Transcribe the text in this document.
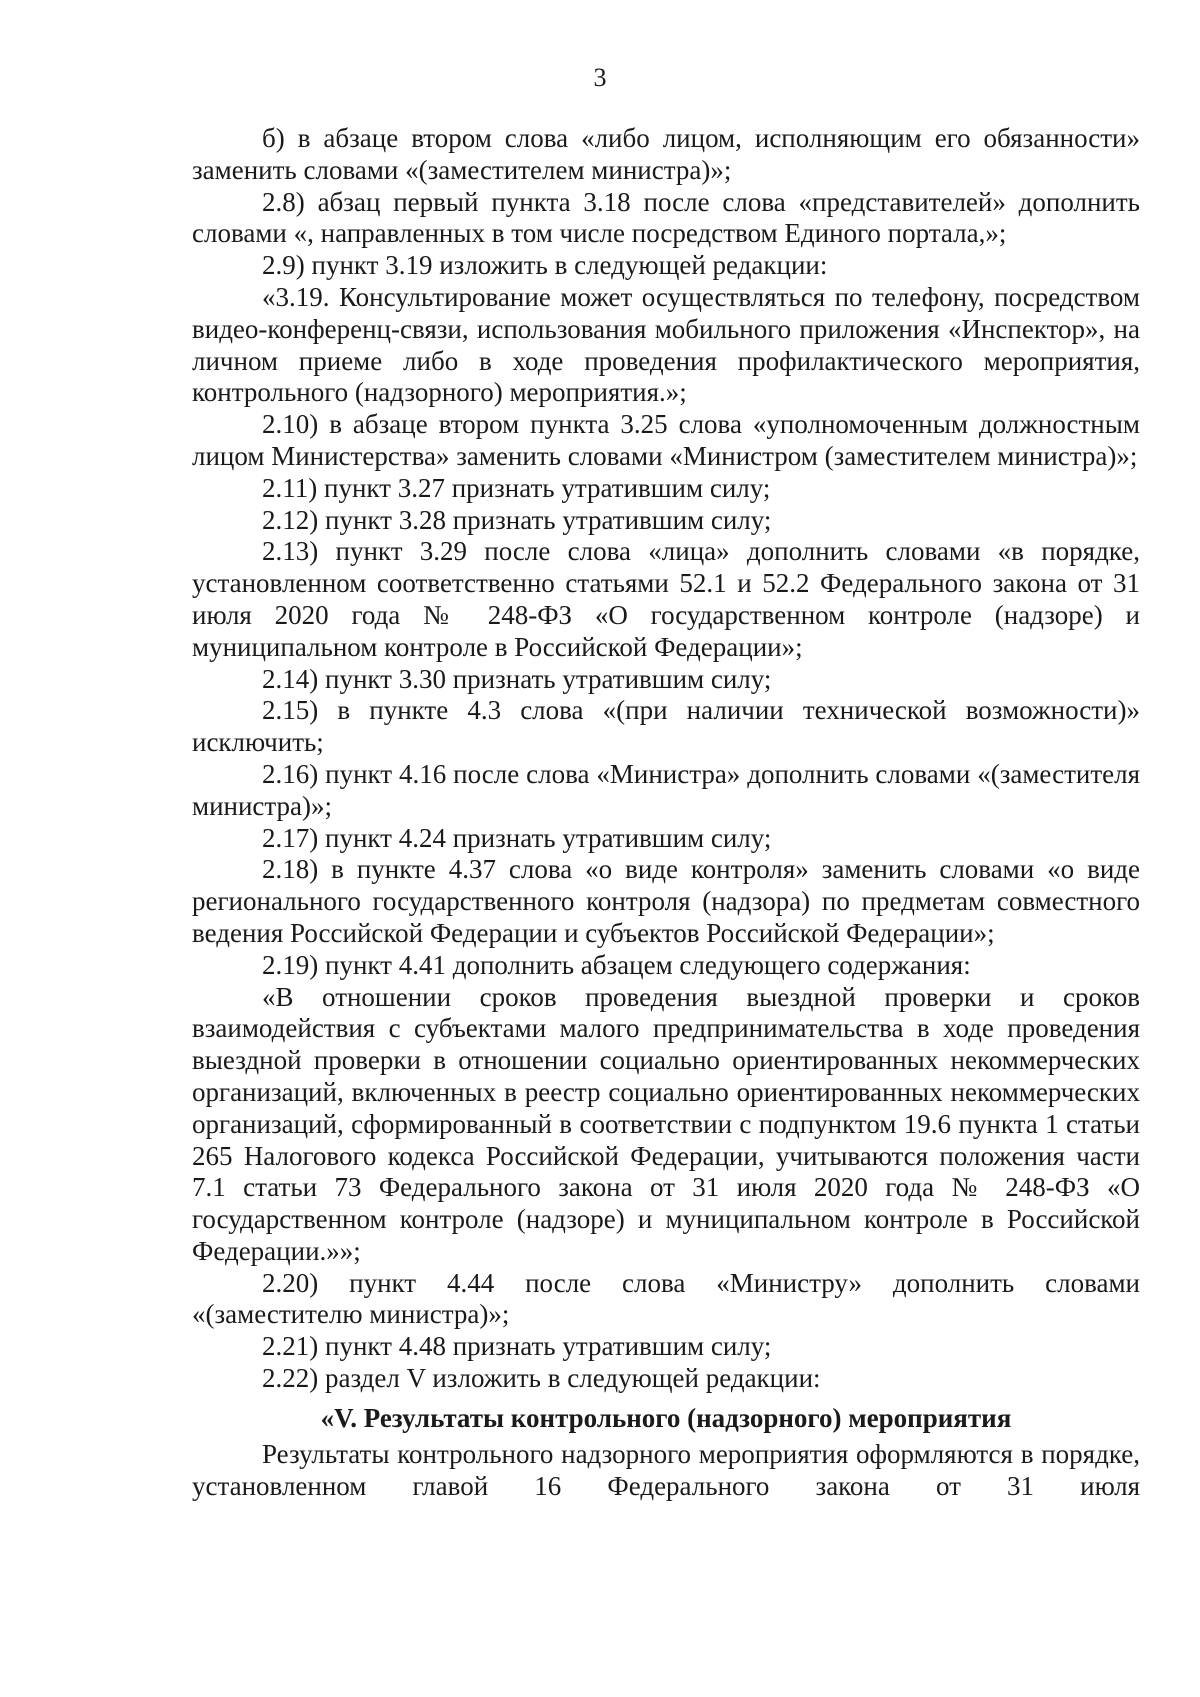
3

б) в абзаце втором слова «либо лицом, исполняющим его обязанности» заменить словами «(заместителем министра)»;

2.8) абзац первый пункта 3.18 после слова «представителей» дополнить словами «, направленных в том числе посредством Единого портала,»;

2.9) пункт 3.19 изложить в следующей редакции:

«3.19. Консультирование может осуществляться по телефону, посредством видео-конференц-связи, использования мобильного приложения «Инспектор», на личном приеме либо в ходе проведения профилактического мероприятия, контрольного (надзорного) мероприятия.»;

2.10) в абзаце втором пункта 3.25 слова «уполномоченным должностным лицом Министерства» заменить словами «Министром (заместителем министра)»;

2.11) пункт 3.27 признать утратившим силу;

2.12) пункт 3.28 признать утратившим силу;

2.13) пункт 3.29 после слова «лица» дополнить словами «в порядке, установленном соответственно статьями 52.1 и 52.2 Федерального закона от 31 июля 2020 года № 248-ФЗ «О государственном контроле (надзоре) и муниципальном контроле в Российской Федерации»;

2.14) пункт 3.30 признать утратившим силу;

2.15) в пункте 4.3 слова «(при наличии технической возможности)» исключить;

2.16) пункт 4.16 после слова «Министра» дополнить словами «(заместителя министра)»;

2.17) пункт 4.24 признать утратившим силу;

2.18) в пункте 4.37 слова «о виде контроля» заменить словами «о виде регионального государственного контроля (надзора) по предметам совместного ведения Российской Федерации и субъектов Российской Федерации»;

2.19) пункт 4.41 дополнить абзацем следующего содержания:

«В отношении сроков проведения выездной проверки и сроков взаимодействия с субъектами малого предпринимательства в ходе проведения выездной проверки в отношении социально ориентированных некоммерческих организаций, включенных в реестр социально ориентированных некоммерческих организаций, сформированный в соответствии с подпунктом 19.6 пункта 1 статьи 265 Налогового кодекса Российской Федерации, учитываются положения части 7.1 статьи 73 Федерального закона от 31 июля 2020 года № 248-ФЗ «О государственном контроле (надзоре) и муниципальном контроле в Российской Федерации.»»;

2.20) пункт 4.44 после слова «Министру» дополнить словами «(заместителю министра)»;

2.21) пункт 4.48 признать утратившим силу;

2.22) раздел V изложить в следующей редакции:

«V. Результаты контрольного (надзорного) мероприятия

Результаты контрольного надзорного мероприятия оформляются в порядке, установленном главой 16 Федерального закона от 31 июля
